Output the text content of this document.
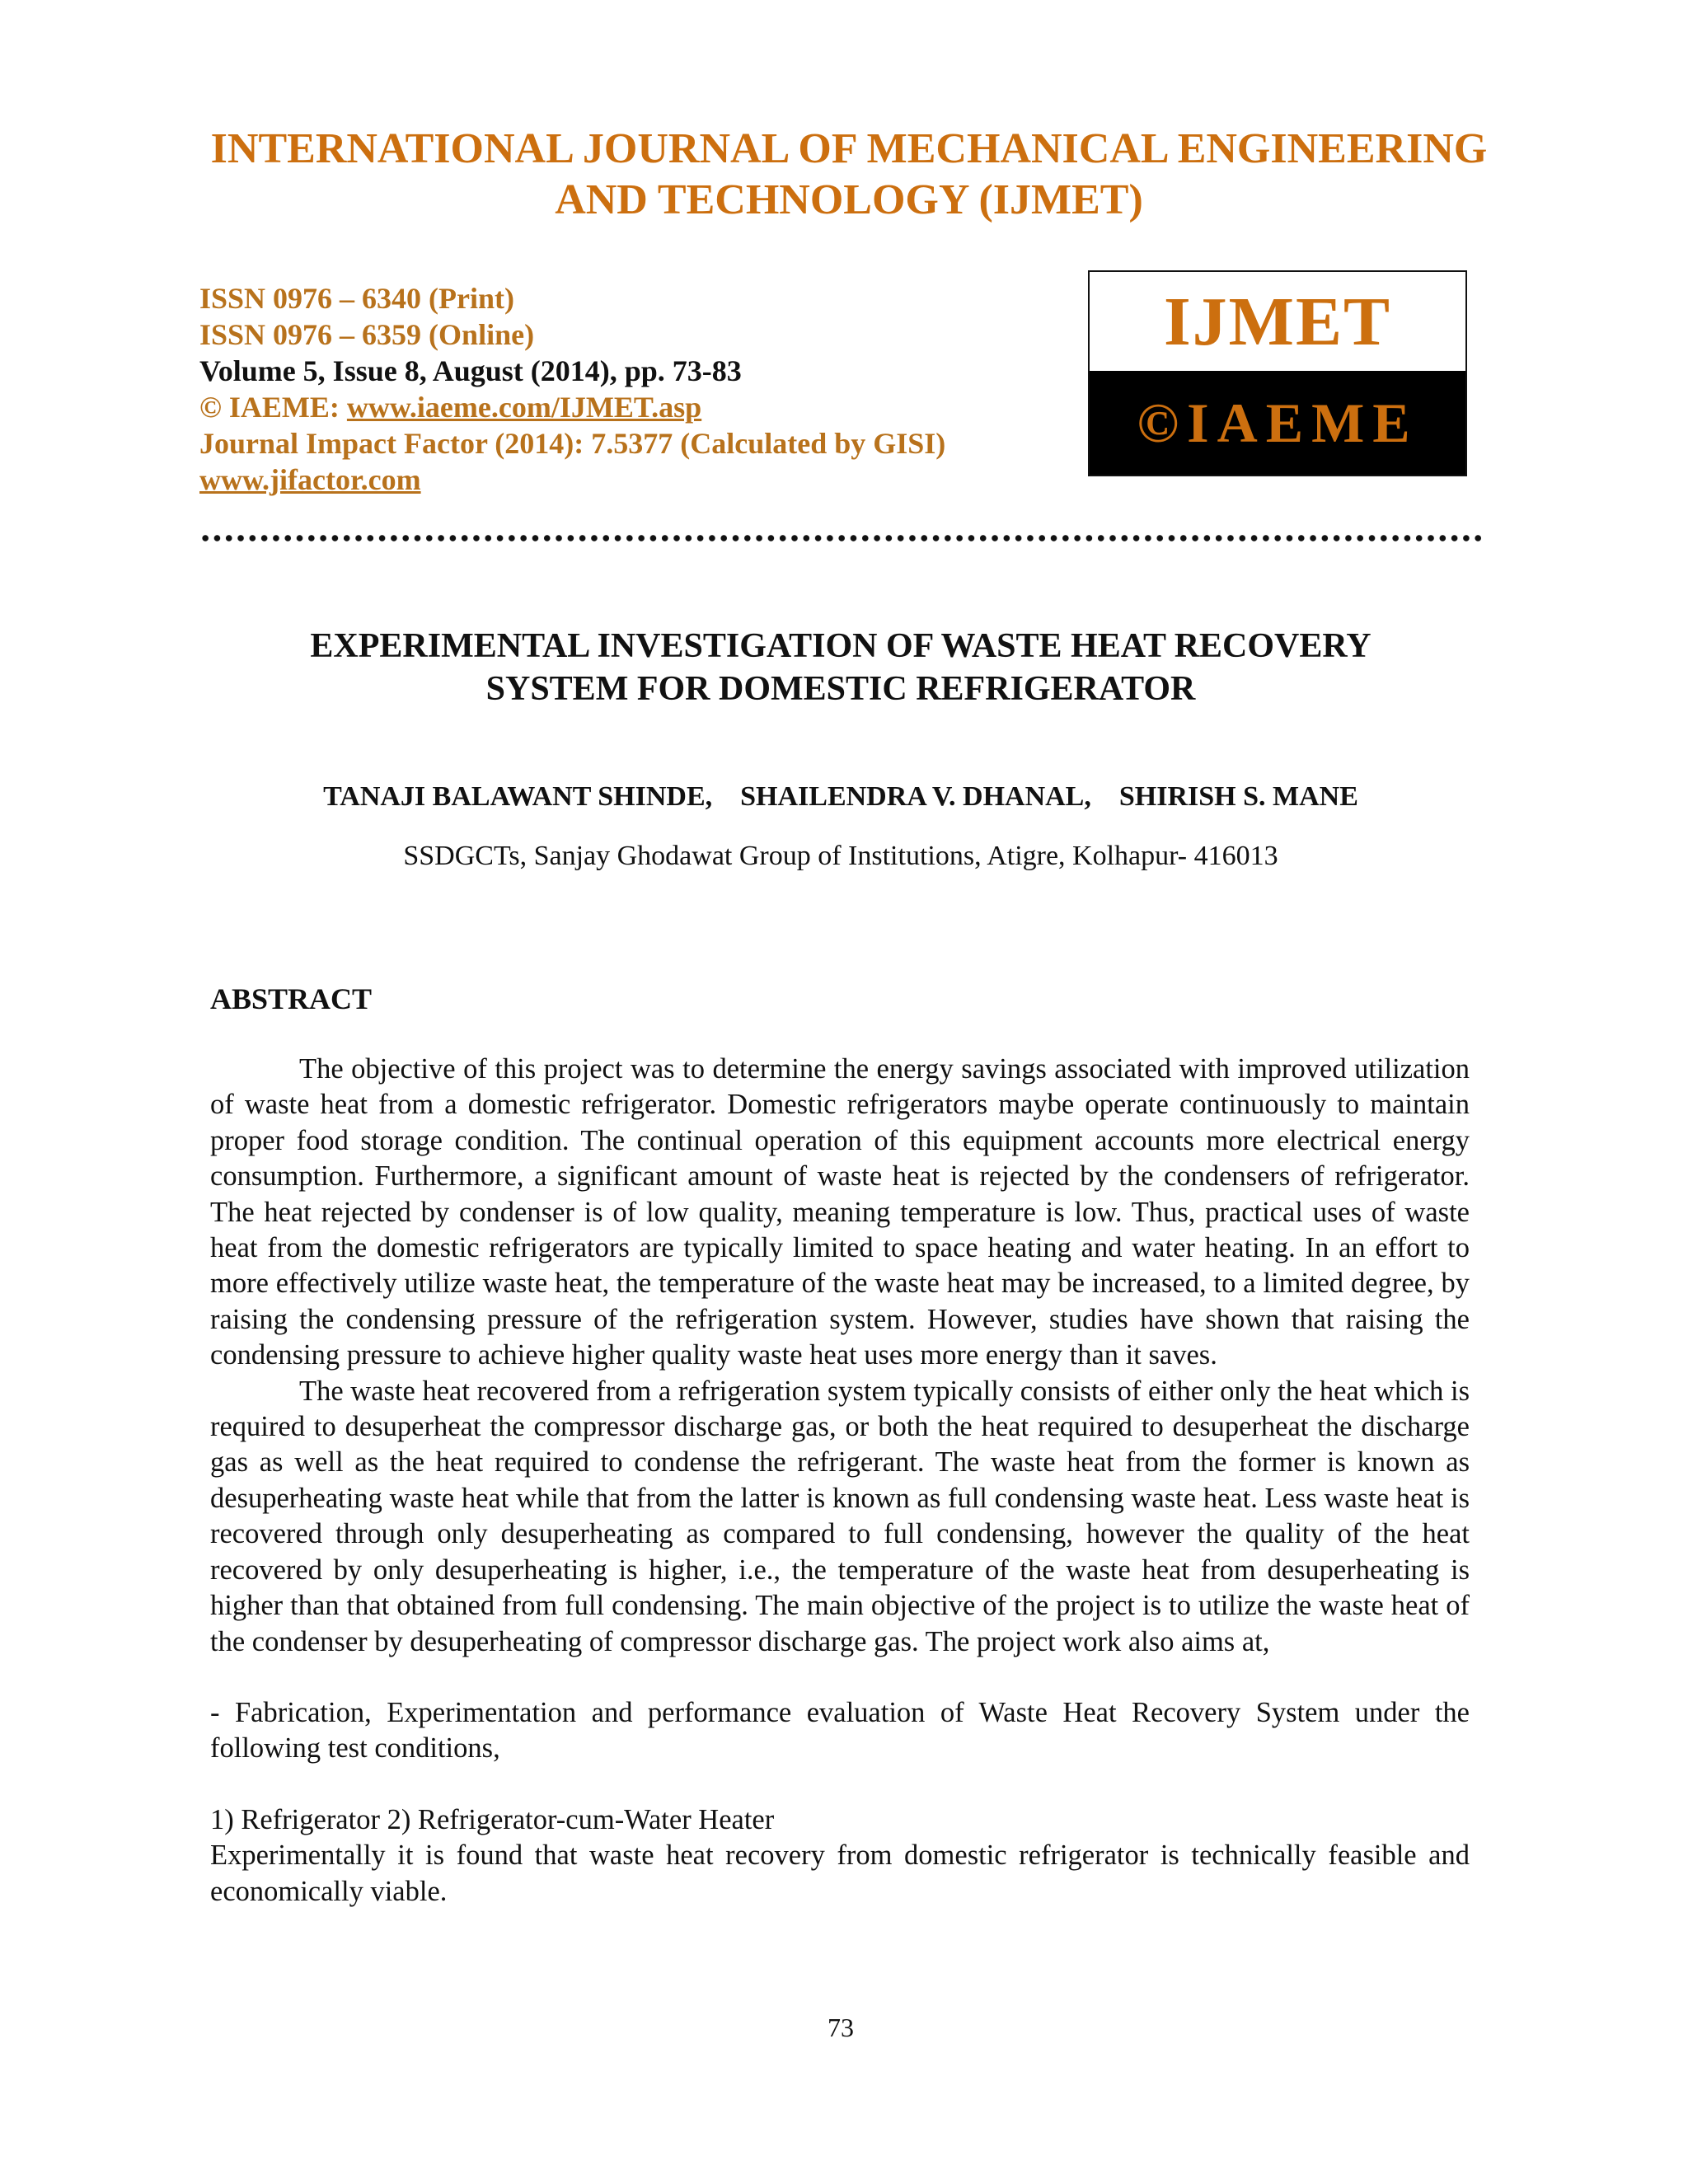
INTERNATIONAL JOURNAL OF MECHANICAL ENGINEERING
AND TECHNOLOGY (IJMET)
ISSN 0976 – 6340 (Print)
ISSN 0976 – 6359 (Online)
Volume 5, Issue 8, August (2014), pp. 73-83
© IAEME: www.iaeme.com/IJMET.asp
Journal Impact Factor (2014): 7.5377 (Calculated by GISI)
www.jifactor.com
IJMET
©IAEME
EXPERIMENTAL INVESTIGATION OF WASTE HEAT RECOVERY
SYSTEM FOR DOMESTIC REFRIGERATOR
TANAJI BALAWANT SHINDE,    SHAILENDRA V. DHANAL,    SHIRISH S. MANE
SSDGCTs, Sanjay Ghodawat Group of Institutions, Atigre, Kolhapur- 416013
ABSTRACT

The objective of this project was to determine the energy savings associated with improved utilization of waste heat from a domestic refrigerator. Domestic refrigerators maybe operate continuously to maintain proper food storage condition. The continual operation of this equipment accounts more electrical energy consumption. Furthermore, a significant amount of waste heat is rejected by the condensers of refrigerator. The heat rejected by condenser is of low quality, meaning temperature is low. Thus, practical uses of waste heat from the domestic refrigerators are typically limited to space heating and water heating. In an effort to more effectively utilize waste heat, the temperature of the waste heat may be increased, to a limited degree, by raising the condensing pressure of the refrigeration system. However, studies have shown that raising the condensing pressure to achieve higher quality waste heat uses more energy than it saves.

The waste heat recovered from a refrigeration system typically consists of either only the heat which is required to desuperheat the compressor discharge gas, or both the heat required to desuperheat the discharge gas as well as the heat required to condense the refrigerant. The waste heat from the former is known as desuperheating waste heat while that from the latter is known as full condensing waste heat. Less waste heat is recovered through only desuperheating as compared to full condensing, however the quality of the heat recovered by only desuperheating is higher, i.e., the temperature of the waste heat from desuperheating is higher than that obtained from full condensing. The main objective of the project is to utilize the waste heat of the condenser by desuperheating of compressor discharge gas. The project work also aims at,

- Fabrication, Experimentation and performance evaluation of Waste Heat Recovery System under the following test conditions,

1) Refrigerator 2) Refrigerator-cum-Water Heater

Experimentally it is found that waste heat recovery from domestic refrigerator is technically feasible and economically viable.

73
